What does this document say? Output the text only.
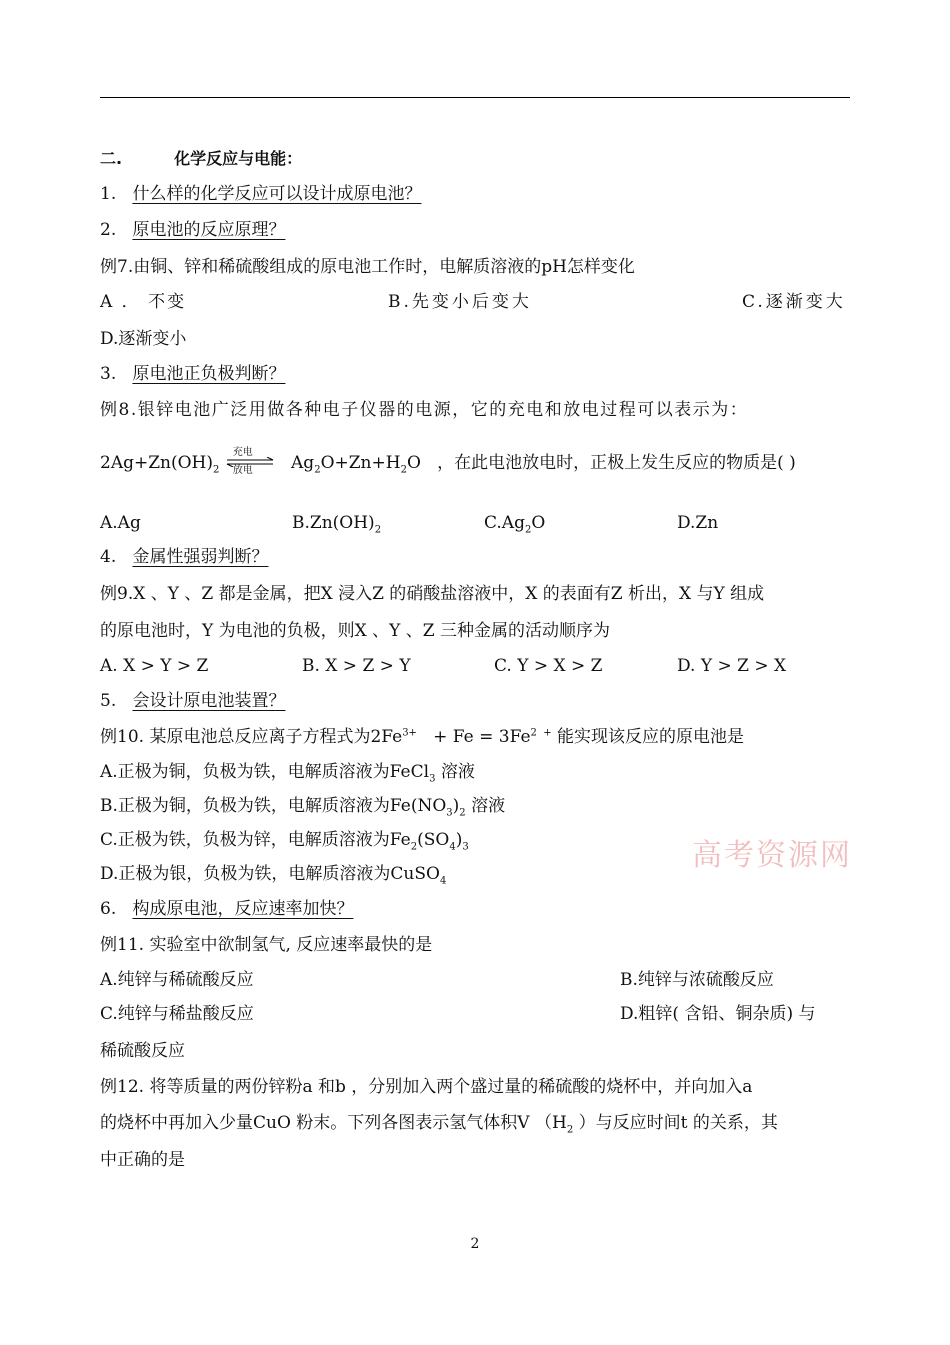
二.	化学反应与电能：
1. 什么样的化学反应可以设计成原电池？
2. 原电池的反应原理？
例7.由铜、锌和稀硫酸组成的原电池工作时，电解质溶液的pH怎样变化
A ． 不变	B.先变小后变大	C.逐渐变大
D.逐渐变小
3. 原电池正负极判断？
例8.银锌电池广泛用做各种电子仪器的电源，它的充电和放电过程可以表示为：
$2Ag+Zn(OH)_2$
充电
放电 $Ag_2O+Zn+H_2O$ ，在此电池放电时，正极上发生反应的物质是( )
A.Ag	$B.Zn(OH)_2$	$C.Ag_2O$	D.Zn
4. 金属性强弱判断？
例9.X 、Y 、Z 都是金属，把X 浸入Z 的硝酸盐溶液中，X 的表面有Z 析出，X 与Y 组成
的原电池时，Y 为电池的负极，则X 、Y 、Z 三种金属的活动顺序为
A. X > Y > Z	B. X > Z > Y	C. Y > X > Z	D. Y > Z > X
5. 会设计原电池装置？
例10. 某原电池总反应离子方程式为$2Fe^{3+} + Fe = 3Fe^{2 +}$ 能实现该反应的原电池是
A.正极为铜，负极为铁，电解质溶液为FeCl$_3$ 溶液
B.正极为铜，负极为铁，电解质溶液为$Fe(NO_3)_2$ 溶液
C.正极为铁，负极为锌，电解质溶液为$Fe_2(SO_4)_3$
D.正极为银，负极为铁，电解质溶液为CuSO$_4$
高考资源网
6. 构成原电池，反应速率加快？
例11. 实验室中欲制氢气, 反应速率最快的是
A.纯锌与稀硫酸反应	B.纯锌与浓硫酸反应
C.纯锌与稀盐酸反应	D.粗锌( 含铅、铜杂质) 与
稀硫酸反应
例12. 将等质量的两份锌粉a 和b ，分别加入两个盛过量的稀硫酸的烧杯中，并向加入a
的烧杯中再加入少量CuO 粉末。下列各图表示氢气体积V （$H_2$ ）与反应时间t 的关系，其
中正确的是
2
